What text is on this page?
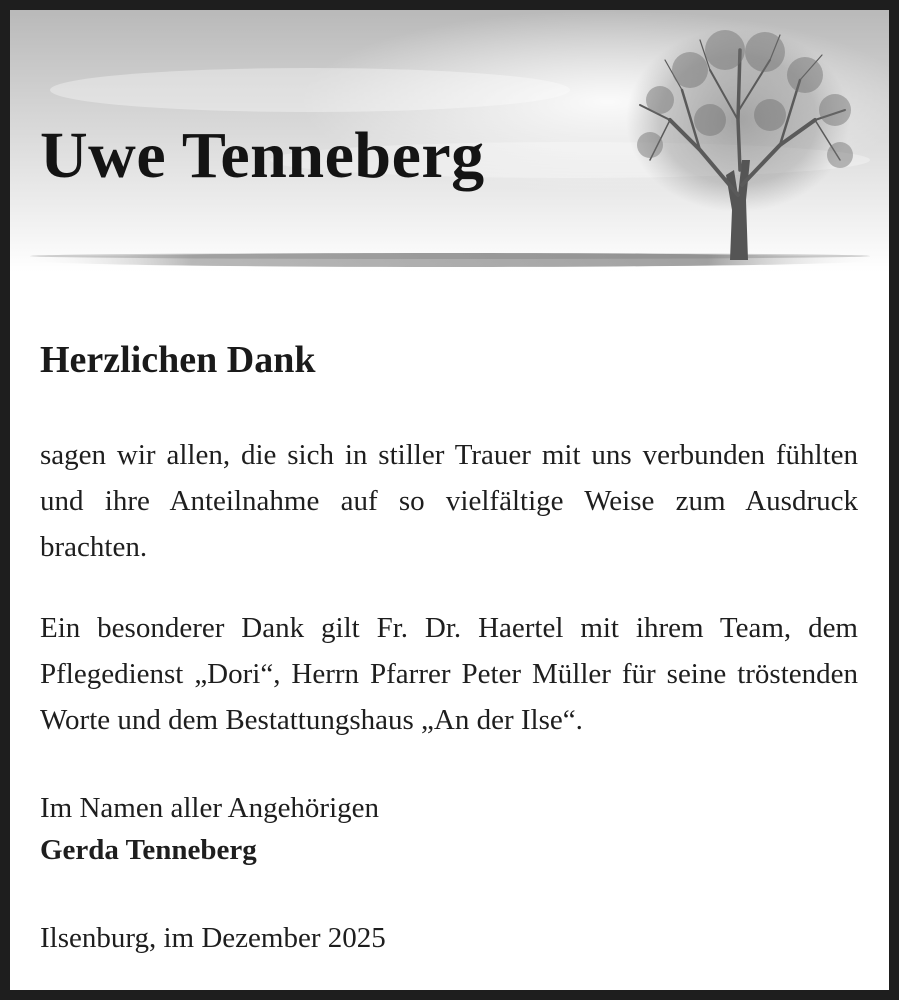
Uwe Tenneberg
Herzlichen Dank

sagen wir allen, die sich in stiller Trauer mit uns verbunden fühlten und ihre Anteilnahme auf so vielfältige Weise zum Ausdruck brachten.

Ein besonderer Dank gilt Fr. Dr. Haertel mit ihrem Team, dem Pflegedienst „Dori“, Herrn Pfarrer Peter Müller für seine tröstenden Worte und dem Bestattungshaus „An der Ilse“.

Im Namen aller Angehörigen

Gerda Tenneberg

Ilsenburg, im Dezember 2025
